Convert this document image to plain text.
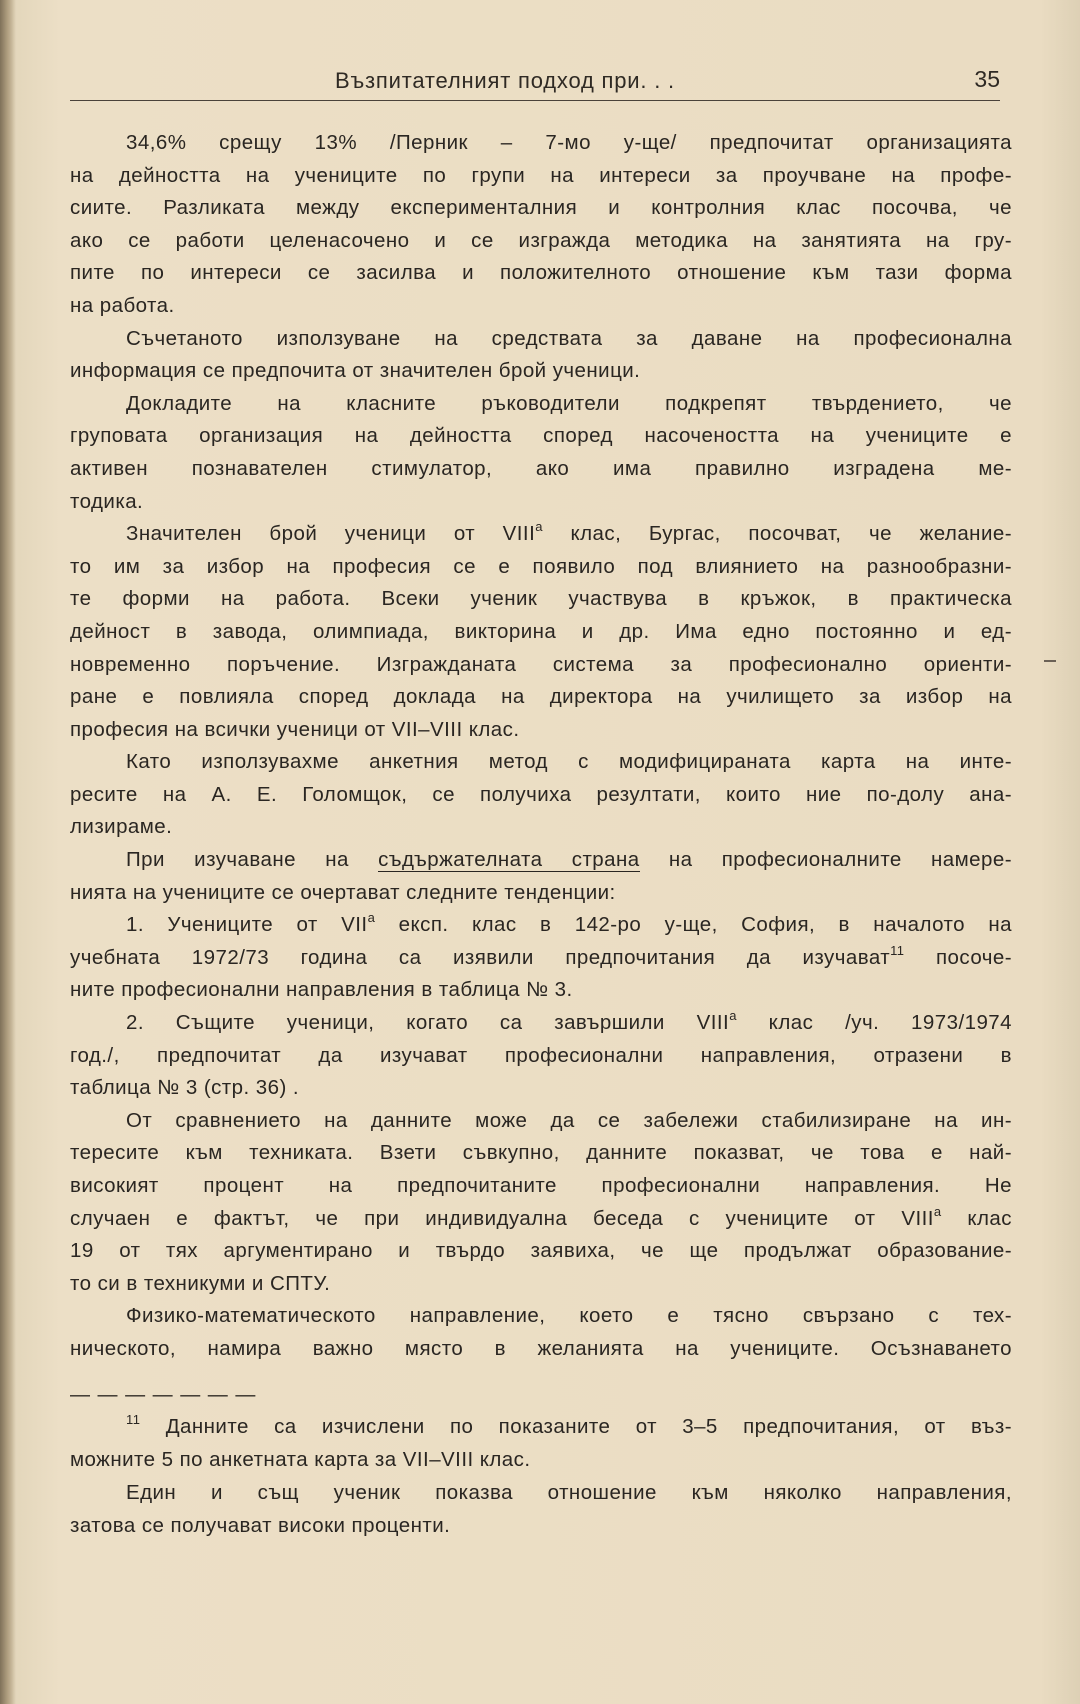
Възпитателният подход при. . .	35
34,6% срещу 13% /Перник – 7-мо у-ще/ предпочитат организацията
на дейността на учениците по групи на интереси за проучване на профе-
сиите. Разликата между експерименталния и контролния клас посочва, че
ако се работи целенасочено и се изгражда методика на занятията на гру-
пите по интереси се засилва и положителното отношение към тази форма
на работа.
Съчетаното използуване на средствата за даване на професионална
информация се предпочита от значителен брой ученици.
Докладите на класните ръководители подкрепят твърдението, че
груповата организация на дейността според насочеността на учениците е
активен познавателен стимулатор, ако има правилно изградена ме-
тодика.
Значителен брой ученици от $VIII^а$ клас, Бургас, посочват, че желание-
то им за избор на професия се е появило под влиянието на разнообразни-
те форми на работа. Всеки ученик участвува в кръжок, в практическа
дейност в завода, олимпиада, викторина и др. Има едно постоянно и ед-
новременно поръчение. Изгражданата система за професионално ориенти-
ране е повлияла според доклада на директора на училището за избор на
професия на всички ученици от VII–VIII клас.
Като използувахме анкетния метод с модифицираната карта на инте-
ресите на А. Е. Голомщок, се получиха резултати, които ние по-долу ана-
лизираме.
При изучаване на съдържателната страна на професионалните намере-
нията на учениците се очертават следните тенденции:
1. Учениците от $VII^а$ експ. клас в 142-ро у-ще, София, в началото на
учебната 1972/73 година са изявили предпочитания да изучават$^{11}$ посоче-
ните професионални направления в таблица № 3.
2. Същите ученици, когато са завършили $VIII^а$ клас /уч. 1973/1974
год./, предпочитат да изучават професионални направления, отразени в
таблица № 3 (стр. 36) .
От сравнението на данните може да се забележи стабилизиране на ин-
тересите към техниката. Взети съвкупно, данните показват, че това е най-
високият процент на предпочитаните професионални направления. Не
случаен е фактът, че при индивидуална беседа с учениците от $VIII^а$ клас
19 от тях аргументирано и твърдо заявиха, че ще продължат образование-
то си в техникуми и СПТУ.
Физико-математическото направление, което е тясно свързано с тех-
ническото, намира важно място в желанията на учениците. Осъзнаването
— — — — — — —
$^{11}$ Данните са изчислени по показаните от 3–5 предпочитания, от въз-
можните 5 по анкетната карта за VII–VIII клас.
Един и същ ученик показва отношение към няколко направления,
затова се получават високи проценти.
